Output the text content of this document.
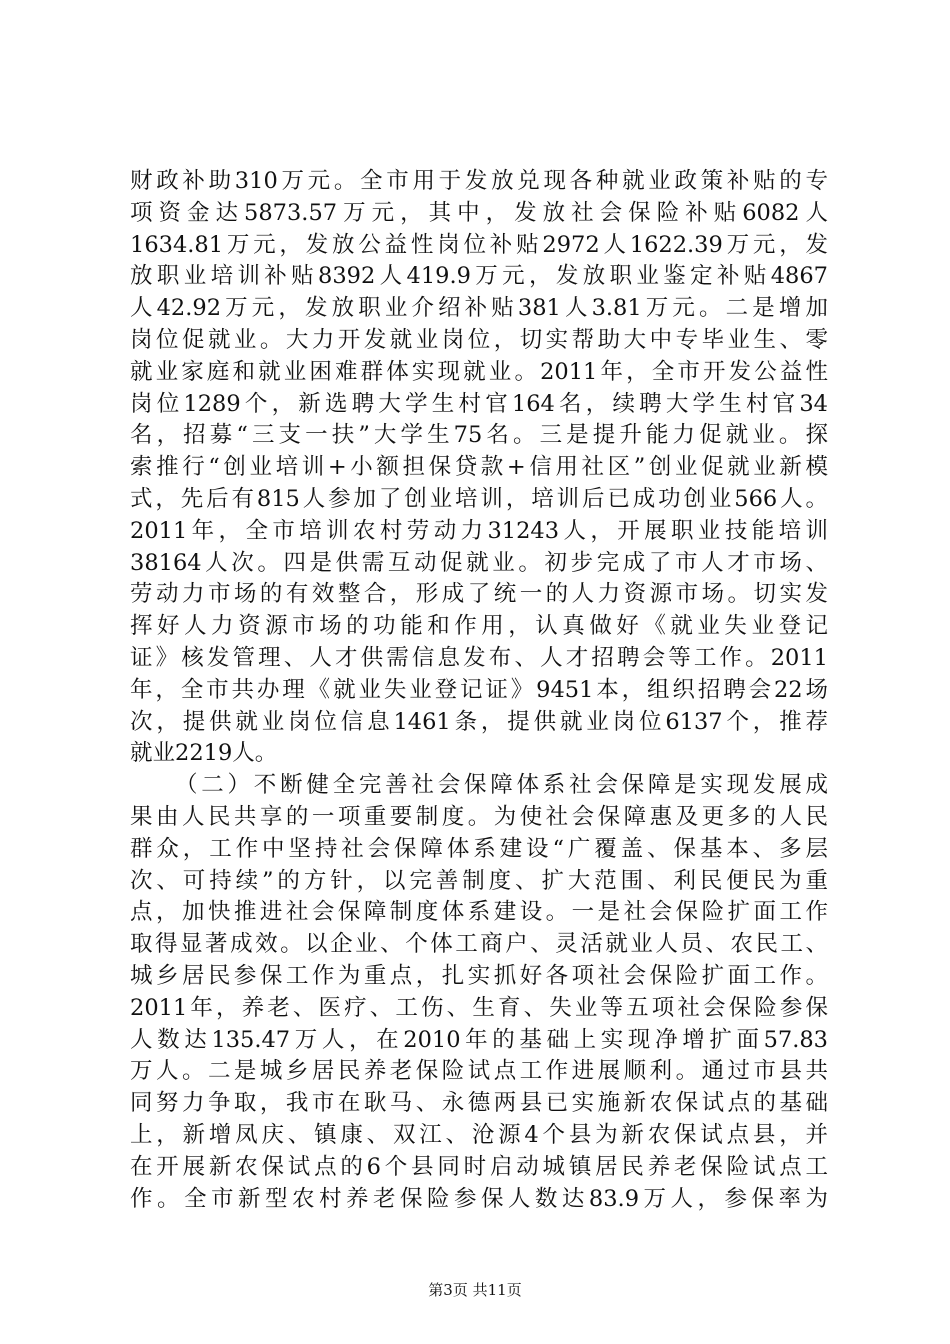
财政补助310万元。全市用于发放兑现各种就业政策补贴的专
项资金达5873.57万元，其中，发放社会保险补贴6082人
1634.81万元，发放公益性岗位补贴2972人1622.39万元，发
放职业培训补贴8392人419.9万元，发放职业鉴定补贴4867
人42.92万元，发放职业介绍补贴381人3.81万元。二是增加
岗位促就业。大力开发就业岗位，切实帮助大中专毕业生、零
就业家庭和就业困难群体实现就业。2011年，全市开发公益性
岗位1289个，新选聘大学生村官164名，续聘大学生村官34
名，招募“三支一扶”大学生75名。三是提升能力促就业。探
索推行“创业培训+小额担保贷款+信用社区”创业促就业新模
式，先后有815人参加了创业培训，培训后已成功创业566人。
2011年，全市培训农村劳动力31243人，开展职业技能培训
38164人次。四是供需互动促就业。初步完成了市人才市场、
劳动力市场的有效整合，形成了统一的人力资源市场。切实发
挥好人力资源市场的功能和作用，认真做好《就业失业登记
证》核发管理、人才供需信息发布、人才招聘会等工作。2011
年，全市共办理《就业失业登记证》9451本，组织招聘会22场
次，提供就业岗位信息1461条，提供就业岗位6137个，推荐
就业2219人。
（二）不断健全完善社会保障体系社会保障是实现发展成
果由人民共享的一项重要制度。为使社会保障惠及更多的人民
群众，工作中坚持社会保障体系建设“广覆盖、保基本、多层
次、可持续”的方针，以完善制度、扩大范围、利民便民为重
点，加快推进社会保障制度体系建设。一是社会保险扩面工作
取得显著成效。以企业、个体工商户、灵活就业人员、农民工、
城乡居民参保工作为重点，扎实抓好各项社会保险扩面工作。
2011年，养老、医疗、工伤、生育、失业等五项社会保险参保
人数达135.47万人，在2010年的基础上实现净增扩面57.83
万人。二是城乡居民养老保险试点工作进展顺利。通过市县共
同努力争取，我市在耿马、永德两县已实施新农保试点的基础
上，新增凤庆、镇康、双江、沧源4个县为新农保试点县，并
在开展新农保试点的6个县同时启动城镇居民养老保险试点工
作。全市新型农村养老保险参保人数达83.9万人，参保率为
第3页 共11页
